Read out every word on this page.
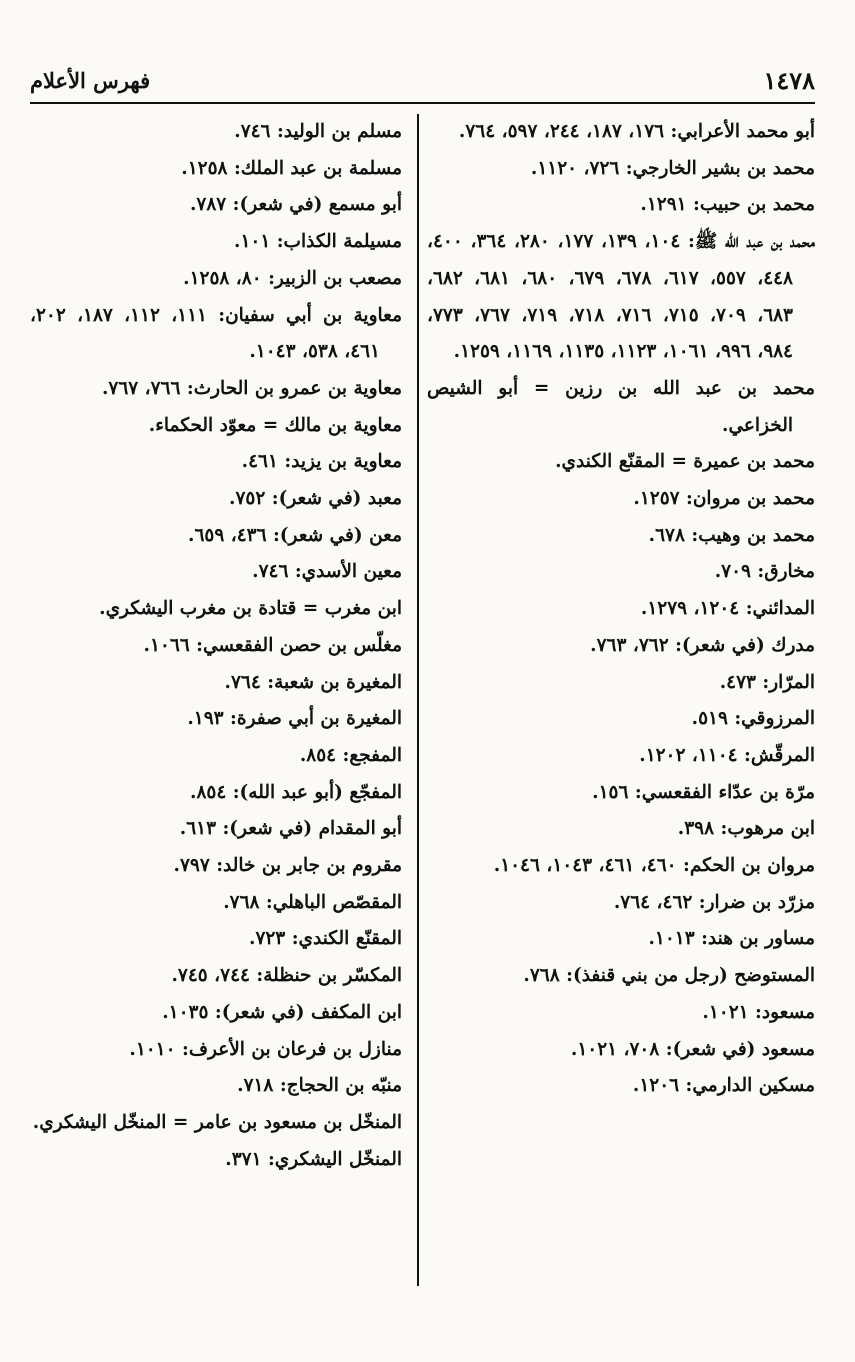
١٤٧٨
فهرس الأعلام
أبو محمد الأعرابي: ١٧٦، ١٨٧، ٢٤٤، ٥٩٧، ٧٦٤.
محمد بن بشير الخارجي: ٧٢٦، ١١٢٠.
محمد بن حبيب: ١٢٩١.
محمد بن عبد الله ﷺ: ١٠٤، ١٣٩، ١٧٧، ٢٨٠، ٣٦٤، ٤٠٠، ٤٤٨، ٥٥٧، ٦١٧، ٦٧٨، ٦٧٩، ٦٨٠، ٦٨١، ٦٨٢، ٦٨٣، ٧٠٩، ٧١٥، ٧١٦، ٧١٨، ٧١٩، ٧٦٧، ٧٧٣، ٩٨٤، ٩٩٦، ١٠٦١، ١١٢٣، ١١٣٥، ١١٦٩، ١٢٥٩.
محمد بن عبد الله بن رزين = أبو الشيص الخزاعي.
محمد بن عميرة = المقنّع الكندي.
محمد بن مروان: ١٢٥٧.
محمد بن وهيب: ٦٧٨.
مخارق: ٧٠٩.
المدائني: ١٢٠٤، ١٢٧٩.
مدرك (في شعر): ٧٦٢، ٧٦٣.
المرّار: ٤٧٣.
المرزوقي: ٥١٩.
المرقّش: ١١٠٤، ١٢٠٢.
مرّة بن عدّاء الفقعسي: ١٥٦.
ابن مرهوب: ٣٩٨.
مروان بن الحكم: ٤٦٠، ٤٦١، ١٠٤٣، ١٠٤٦.
مزرّد بن ضرار: ٤٦٢، ٧٦٤.
مساور بن هند: ١٠١٣.
المستوضح (رجل من بني قنفذ): ٧٦٨.
مسعود: ١٠٢١.
مسعود (في شعر): ٧٠٨، ١٠٢١.
مسكين الدارمي: ١٢٠٦.
مسلم بن الوليد: ٧٤٦.
مسلمة بن عبد الملك: ١٢٥٨.
أبو مسمع (في شعر): ٧٨٧.
مسيلمة الكذاب: ١٠١.
مصعب بن الزبير: ٨٠، ١٢٥٨.
معاوية بن أبي سفيان: ١١١، ١١٢، ١٨٧، ٢٠٢، ٤٦١، ٥٣٨، ١٠٤٣.
معاوية بن عمرو بن الحارث: ٧٦٦، ٧٦٧.
معاوية بن مالك = معوّد الحكماء.
معاوية بن يزيد: ٤٦١.
معبد (في شعر): ٧٥٢.
معن (في شعر): ٤٣٦، ٦٥٩.
معين الأسدي: ٧٤٦.
ابن مغرب = قتادة بن مغرب اليشكري.
مغلّس بن حصن الفقعسي: ١٠٦٦.
المغيرة بن شعبة: ٧٦٤.
المغيرة بن أبي صفرة: ١٩٣.
المفجع: ٨٥٤.
المفجّع (أبو عبد الله): ٨٥٤.
أبو المقدام (في شعر): ٦١٣.
مقروم بن جابر بن خالد: ٧٩٧.
المقصّص الباهلي: ٧٦٨.
المقنّع الكندي: ٧٢٣.
المكسّر بن حنظلة: ٧٤٤، ٧٤٥.
ابن المكفف (في شعر): ١٠٣٥.
منازل بن فرعان بن الأعرف: ١٠١٠.
منبّه بن الحجاج: ٧١٨.
المنخّل بن مسعود بن عامر = المنخّل اليشكري.
المنخّل اليشكري: ٣٧١.
